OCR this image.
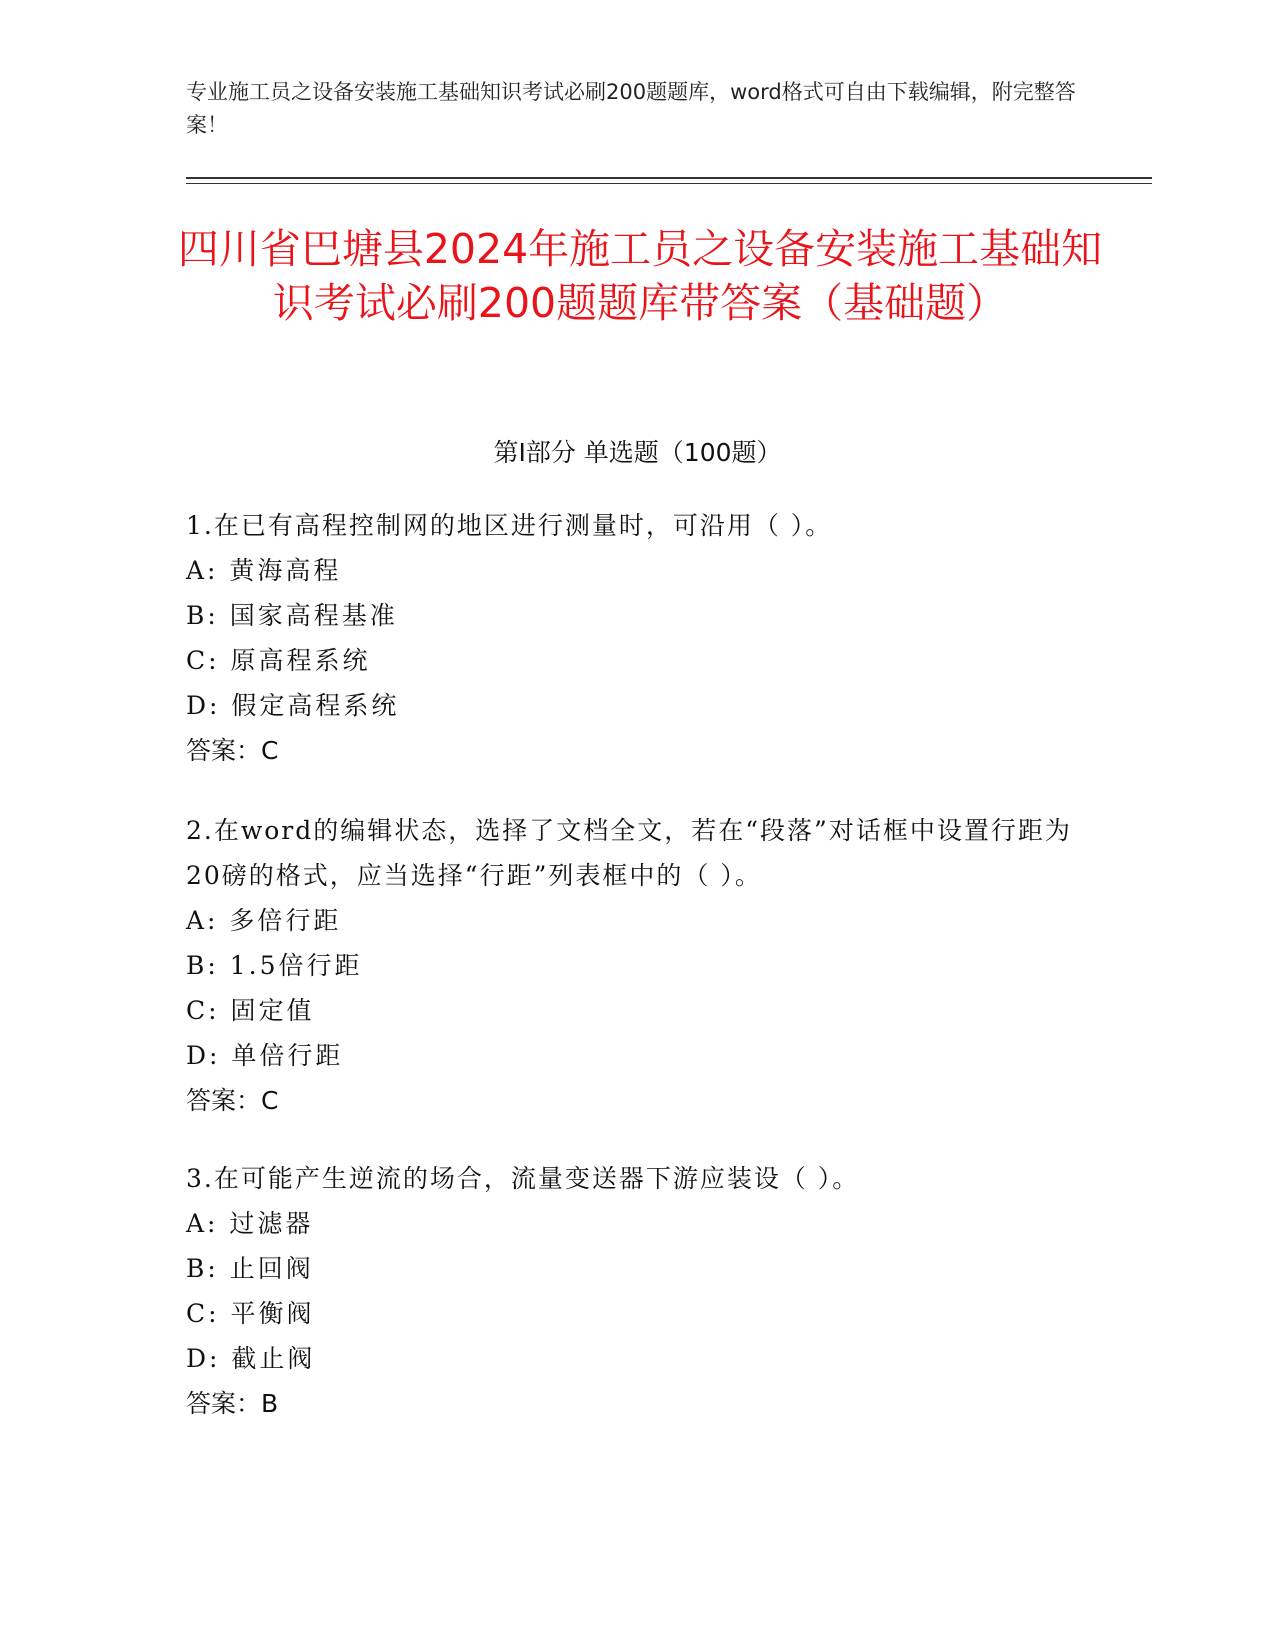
专业施工员之设备安装施工基础知识考试必刷200题题库，word格式可自由下载编辑，附完整答案！
四川省巴塘县2024年施工员之设备安装施工基础知识考试必刷200题题库带答案（基础题）
第Ⅰ部分 单选题（100题）
1.在已有高程控制网的地区进行测量时，可沿用（ ）。
A: 黄海高程
B: 国家高程基准
C: 原高程系统
D: 假定高程系统
答案：C
2.在word的编辑状态，选择了文档全文，若在“段落”对话框中设置行距为20磅的格式，应当选择“行距”列表框中的（ ）。
A: 多倍行距
B: 1.5倍行距
C: 固定值
D: 单倍行距
答案：C
3.在可能产生逆流的场合，流量变送器下游应装设（ ）。
A: 过滤器
B: 止回阀
C: 平衡阀
D: 截止阀
答案：B
